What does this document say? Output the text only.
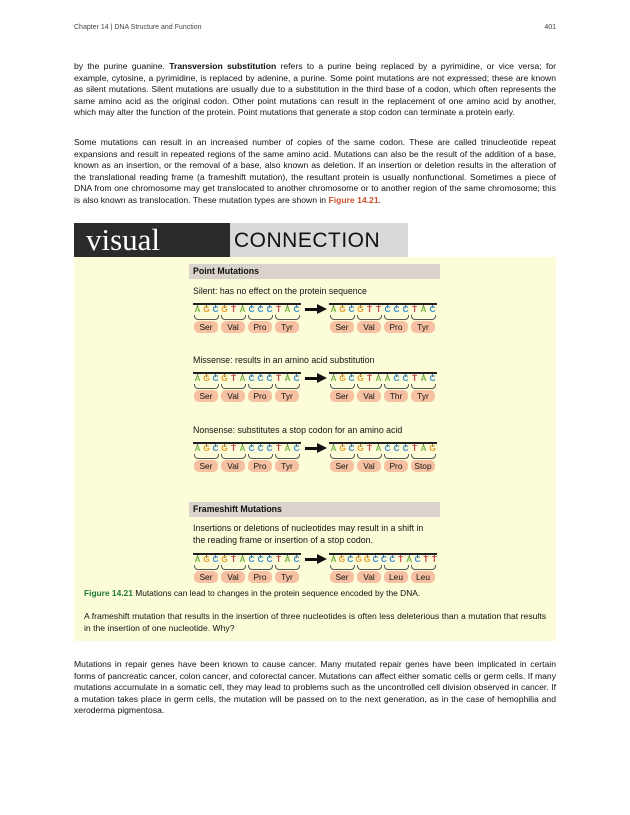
Chapter 14 | DNA Structure and Function	401
by the purine guanine. Transversion substitution refers to a purine being replaced by a pyrimidine, or vice versa; for example, cytosine, a pyrimidine, is replaced by adenine, a purine. Some point mutations are not expressed; these are known as silent mutations. Silent mutations are usually due to a substitution in the third base of a codon, which often represents the same amino acid as the original codon. Other point mutations can result in the replacement of one amino acid by another, which may alter the function of the protein. Point mutations that generate a stop codon can terminate a protein early.
Some mutations can result in an increased number of copies of the same codon. These are called trinucleotide repeat expansions and result in repeated regions of the same amino acid. Mutations can also be the result of the addition of a base, known as an insertion, or the removal of a base, also known as deletion. If an insertion or deletion results in the alteration of the translational reading frame (a frameshift mutation), the resultant protein is usually nonfunctional. Sometimes a piece of DNA from one chromosome may get translocated to another chromosome or to another region of the same chromosome; this is also known as translocation. These mutation types are shown in Figure 14.21.
visual	CONNECTION
Point Mutations
Silent: has no effect on the protein sequence
A G C G T A C C C T A C
Ser	Val	Pro	Tyr
A G C G T T C C C T A C
Ser	Val	Pro	Tyr
Missense: results in an amino acid substitution
A G C G T A C C C T A C
Ser	Val	Pro	Tyr
A G C G T A A C C T A C
Ser	Val	Thr	Tyr
Nonsense: substitutes a stop codon for an amino acid
A G C G T A C C C T A C
Ser	Val	Pro	Tyr
A G C G T A C C C T A G
Ser	Val	Pro	Stop
Frameshift Mutations
Insertions or deletions of nucleotides may result in a shift in the reading frame or insertion of a stop codon.
A G C G T A C C C T A C
Ser	Val	Pro	Tyr
A G C G G C C C T A C T T
Ser	Val	Leu	Leu
Figure 14.21 Mutations can lead to changes in the protein sequence encoded by the DNA.
A frameshift mutation that results in the insertion of three nucleotides is often less deleterious than a mutation that results in the insertion of one nucleotide. Why?
Mutations in repair genes have been known to cause cancer. Many mutated repair genes have been implicated in certain forms of pancreatic cancer, colon cancer, and colorectal cancer. Mutations can affect either somatic cells or germ cells. If many mutations accumulate in a somatic cell, they may lead to problems such as the uncontrolled cell division observed in cancer. If a mutation takes place in germ cells, the mutation will be passed on to the next generation, as in the case of hemophilia and xeroderma pigmentosa.
